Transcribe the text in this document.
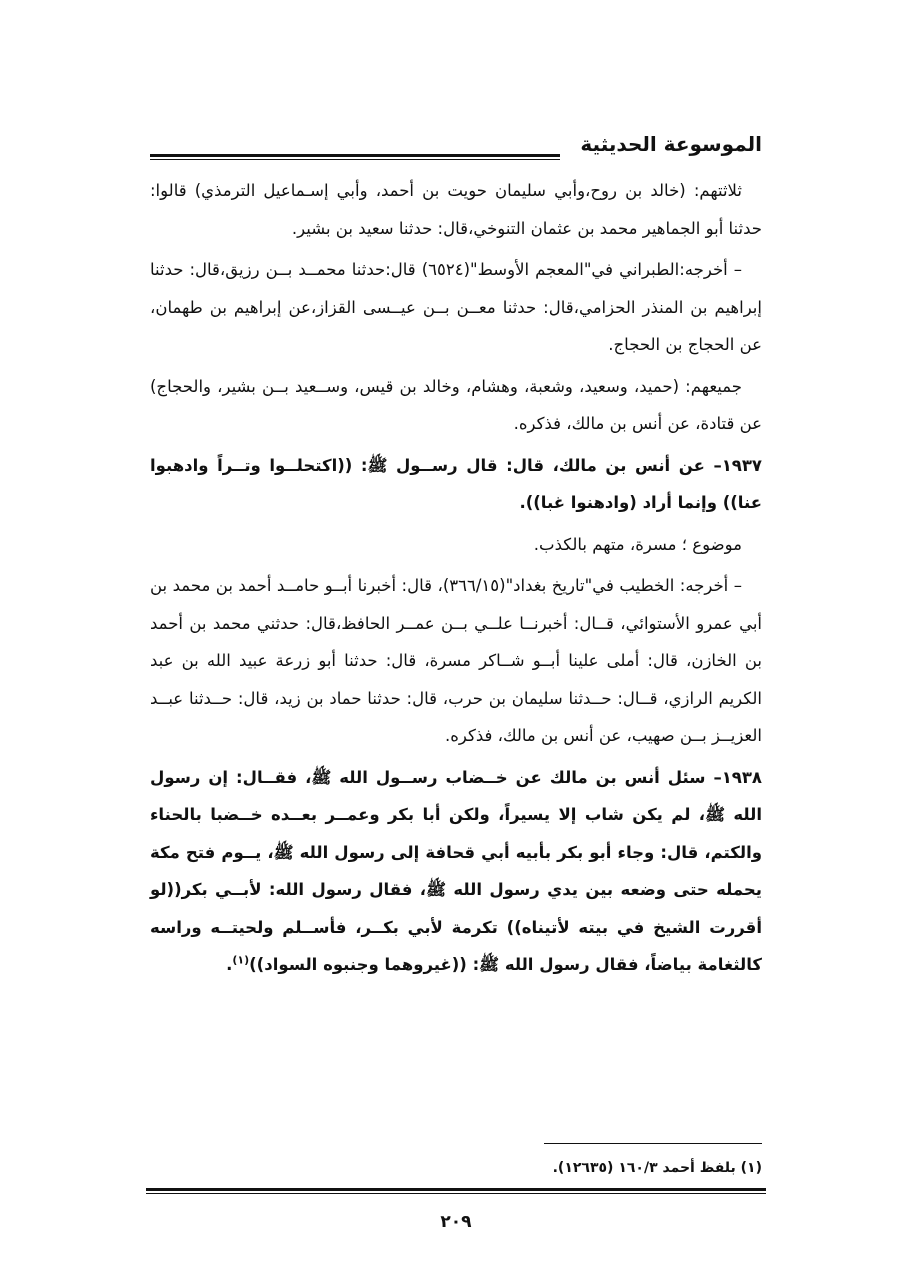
الموسوعة الحديثية

ثلاثتهم: (خالد بن روح،وأبي سليمان حويت بن أحمد، وأبي إسـماعيل الترمذي) قالوا: حدثنا أبو الجماهير محمد بن عثمان التنوخي،قال: حدثنا سعيد بن بشير.

– أخرجه:الطبراني في"المعجم الأوسط"(٦٥٢٤) قال:حدثنا محمــد بــن رزيق،قال: حدثنا إبراهيم بن المنذر الحزامي،قال: حدثنا معــن بــن عيــسى القزاز،عن إبراهيم بن طهمان، عن الحجاج بن الحجاج.

جميعهم: (حميد، وسعيد، وشعبة، وهشام، وخالد بن قيس، وســعيد بــن بشير، والحجاج) عن قتادة، عن أنس بن مالك، فذكره.

١٩٣٧– عن أنس بن مالك، قال: قال رســول ﷺ: ((اكتحلــوا وتــراً وادهبوا عنا)) وإنما أراد (وادهنوا غبا)).

موضوع ؛ مسرة، متهم بالكذب.

– أخرجه: الخطيب في"تاريخ بغداد"(٣٦٦/١٥)، قال: أخبرنا أبــو حامــد أحمد بن محمد بن أبي عمرو الأستوائي، قــال: أخبرنــا علــي بــن عمــر الحافظ،قال: حدثني محمد بن أحمد بن الخازن، قال: أملى علينا أبــو شــاكر مسرة، قال: حدثنا أبو زرعة عبيد الله بن عبد الكريم الرازي، قــال: حــدثنا سليمان بن حرب، قال: حدثنا حماد بن زيد، قال: حــدثنا عبــد العزيــز بــن صهيب، عن أنس بن مالك، فذكره.

١٩٣٨– سئل أنس بن مالك عن خــضاب رســول الله ﷺ، فقــال: إن رسول الله ﷺ، لم يكن شاب إلا يسيراً، ولكن أبا بكر وعمــر بعــده خــضبا بالحناء والكتم، قال: وجاء أبو بكر بأبيه أبي قحافة إلى رسول الله ﷺ، يــوم فتح مكة يحمله حتى وضعه بين يدي رسول الله ﷺ، فقال رسول الله: لأبــي بكر((لو أقررت الشيخ في بيته لأتيناه)) تكرمة لأبي بكــر، فأســلم ولحيتــه وراسه كالثغامة بياضاً، فقال رسول الله ﷺ: ((غيروهما وجنبوه السواد))$^{(١)}$.

(١) بلفظ أحمد ١٦٠/٣ (١٢٦٣٥).
٢٠٩
